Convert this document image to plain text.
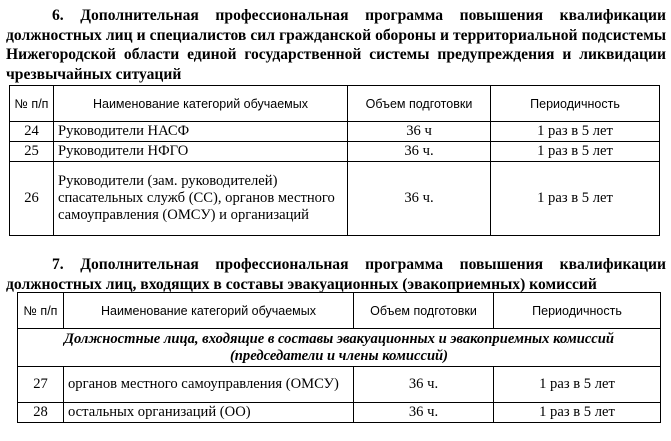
6. Дополнительная профессиональная программа повышения квалификации должностных лиц и специалистов сил гражданской обороны и территориальной подсистемы Нижегородской области единой государственной системы предупреждения и ликвидации чрезвычайных ситуаций
№ п/п	Наименование категорий обучаемых	Объем подготовки	Периодичность
24	Руководители НАСФ	36 ч	1 раз в 5 лет
25	Руководители НФГО	36 ч.	1 раз в 5 лет
26	Руководители (зам. руководителей) спасательных служб (СС), органов местного самоуправления (ОМСУ) и организаций	36 ч.	1 раз в 5 лет
7. Дополнительная профессиональная программа повышения квалификации должностных лиц, входящих в составы эвакуационных (эвакоприемных) комиссий
№ п/п	Наименование категорий обучаемых	Объем подготовки	Периодичность
Должностные лица, входящие в составы эвакуационных и эвакоприемных комиссий (председатели и члены комиссий)			
27	органов местного самоуправления (ОМСУ)	36 ч.	1 раз в 5 лет
28	остальных организаций (ОО)	36 ч.	1 раз в 5 лет
